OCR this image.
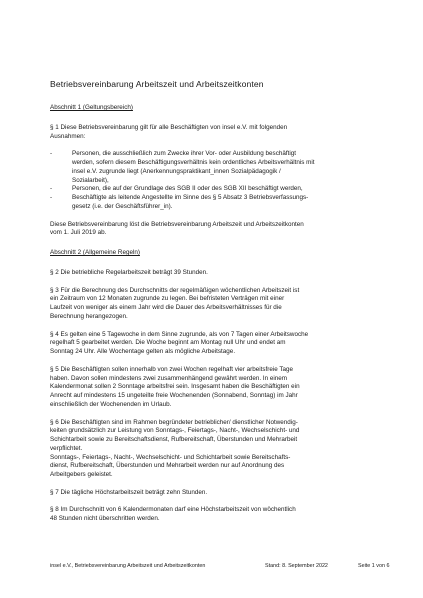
Betriebsvereinbarung Arbeitszeit und Arbeitszeitkonten

Abschnitt 1 (Geltungsbereich)

§ 1 Diese Betriebsvereinbarung gilt für alle Beschäftigten von insel e.V. mit folgenden

Ausnahmen:

- Personen, die ausschließlich zum Zwecke ihrer Vor- oder Ausbildung beschäftigt

werden, sofern diesem Beschäftigungsverhältnis kein ordentliches Arbeitsverhältnis mit

insel e.V. zugrunde liegt (Anerkennungspraktikant_innen Sozialpädagogik /

Sozialarbeit),

- Personen, die auf der Grundlage des SGB II oder des SGB XII beschäftigt werden,

- Beschäftigte als leitende Angestellte im Sinne des § 5 Absatz 3 Betriebsverfassungs-

gesetz (i.e. der Geschäftsführer_in).

Diese Betriebsvereinbarung löst die Betriebsvereinbarung Arbeitszeit und Arbeitszeitkonten

vom 1. Juli 2019 ab.

Abschnitt 2 (Allgemeine Regeln)

§ 2 Die betriebliche Regelarbeitszeit beträgt 39 Stunden.

§ 3 Für die Berechnung des Durchschnitts der regelmäßigen wöchentlichen Arbeitszeit ist

ein Zeitraum von 12 Monaten zugrunde zu legen. Bei befristeten Verträgen mit einer

Laufzeit von weniger als einem Jahr wird die Dauer des Arbeitsverhältnisses für die

Berechnung herangezogen.

§ 4 Es gelten eine 5 Tagewoche in dem Sinne zugrunde, als von 7 Tagen einer Arbeitswoche

regelhaft 5 gearbeitet werden. Die Woche beginnt am Montag null Uhr und endet am

Sonntag 24 Uhr. Alle Wochentage gelten als mögliche Arbeitstage.

§ 5 Die Beschäftigten sollen innerhalb von zwei Wochen regelhaft vier arbeitsfreie Tage

haben. Davon sollen mindestens zwei zusammenhängend gewährt werden. In einem

Kalendermonat sollen 2 Sonntage arbeitsfrei sein. Insgesamt haben die Beschäftigten ein

Anrecht auf mindestens 15 ungeteilte freie Wochenenden (Sonnabend, Sonntag) im Jahr

einschließlich der Wochenenden im Urlaub.

§ 6 Die Beschäftigten sind im Rahmen begründeter betrieblicher/ dienstlicher Notwendig-

keiten grundsätzlich zur Leistung von Sonntags-, Feiertags-, Nacht-, Wechselschicht- und

Schichtarbeit sowie zu Bereitschaftsdienst, Rufbereitschaft, Überstunden und Mehrarbeit

verpflichtet.

Sonntags-, Feiertags-, Nacht-, Wechselschicht- und Schichtarbeit sowie Bereitschafts-

dienst, Rufbereitschaft, Überstunden und Mehrarbeit werden nur auf Anordnung des

Arbeitgebers geleistet.

§ 7 Die tägliche Höchstarbeitszeit beträgt zehn Stunden.

§ 8 Im Durchschnitt von 6 Kalendermonaten darf eine Höchstarbeitszeit von wöchentlich

48 Stunden nicht überschritten werden.

insel e.V., Betriebsvereinbarung Arbeitszeit und Arbeitszeitkonten	Stand: 8. September 2022	Seite 1 von 6
